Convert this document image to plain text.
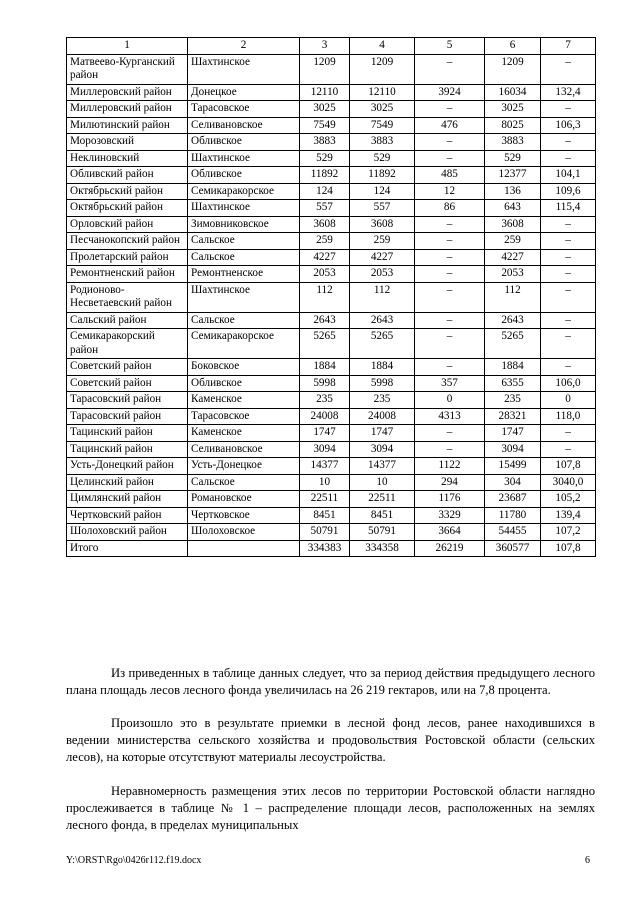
1	2	3	4	5	6	7
Матвеево-Курганский район	Шахтинское	1209	1209	–	1209	–
Миллеровский район	Донецкое	12110	12110	3924	16034	132,4
Миллеровский район	Тарасовское	3025	3025	–	3025	–
Милютинский район	Селивановское	7549	7549	476	8025	106,3
Морозовский	Обливское	3883	3883	–	3883	–
Неклиновский	Шахтинское	529	529	–	529	–
Обливский район	Обливское	11892	11892	485	12377	104,1
Октябрьский район	Семикаракорское	124	124	12	136	109,6
Октябрьский район	Шахтинское	557	557	86	643	115,4
Орловский район	Зимовниковское	3608	3608	–	3608	–
Песчанокопский район	Сальское	259	259	–	259	–
Пролетарский район	Сальское	4227	4227	–	4227	–
Ремонтненский район	Ремонтненское	2053	2053	–	2053	–
Родионово-Несветаевский район	Шахтинское	112	112	–	112	–
Сальский район	Сальское	2643	2643	–	2643	–
Семикаракорский район	Семикаракорское	5265	5265	–	5265	–
Советский район	Боковское	1884	1884	–	1884	–
Советский район	Обливское	5998	5998	357	6355	106,0
Тарасовский район	Каменское	235	235	0	235	0
Тарасовский район	Тарасовское	24008	24008	4313	28321	118,0
Тацинский район	Каменское	1747	1747	–	1747	–
Тацинский район	Селивановское	3094	3094	–	3094	–
Усть-Донецкий район	Усть-Донецкое	14377	14377	1122	15499	107,8
Целинский район	Сальское	10	10	294	304	3040,0
Цимлянский район	Романовское	22511	22511	1176	23687	105,2
Чертковский район	Чертковское	8451	8451	3329	11780	139,4
Шолоховский район	Шолоховское	50791	50791	3664	54455	107,2
Итого		334383	334358	26219	360577	107,8
Из приведенных в таблице данных следует, что за период действия предыдущего лесного плана площадь лесов лесного фонда увеличилась на 26 219 гектаров, или на 7,8 процента.
Произошло это в результате приемки в лесной фонд лесов, ранее находившихся в ведении министерства сельского хозяйства и продовольствия Ростовской области (сельских лесов), на которые отсутствуют материалы лесоустройства.
Неравномерность размещения этих лесов по территории Ростовской области наглядно прослеживается в таблице № 1 – распределение площади лесов, расположенных на землях лесного фонда, в пределах муниципальных
Y:\ORST\Rgo\0426r112.f19.docx	6
